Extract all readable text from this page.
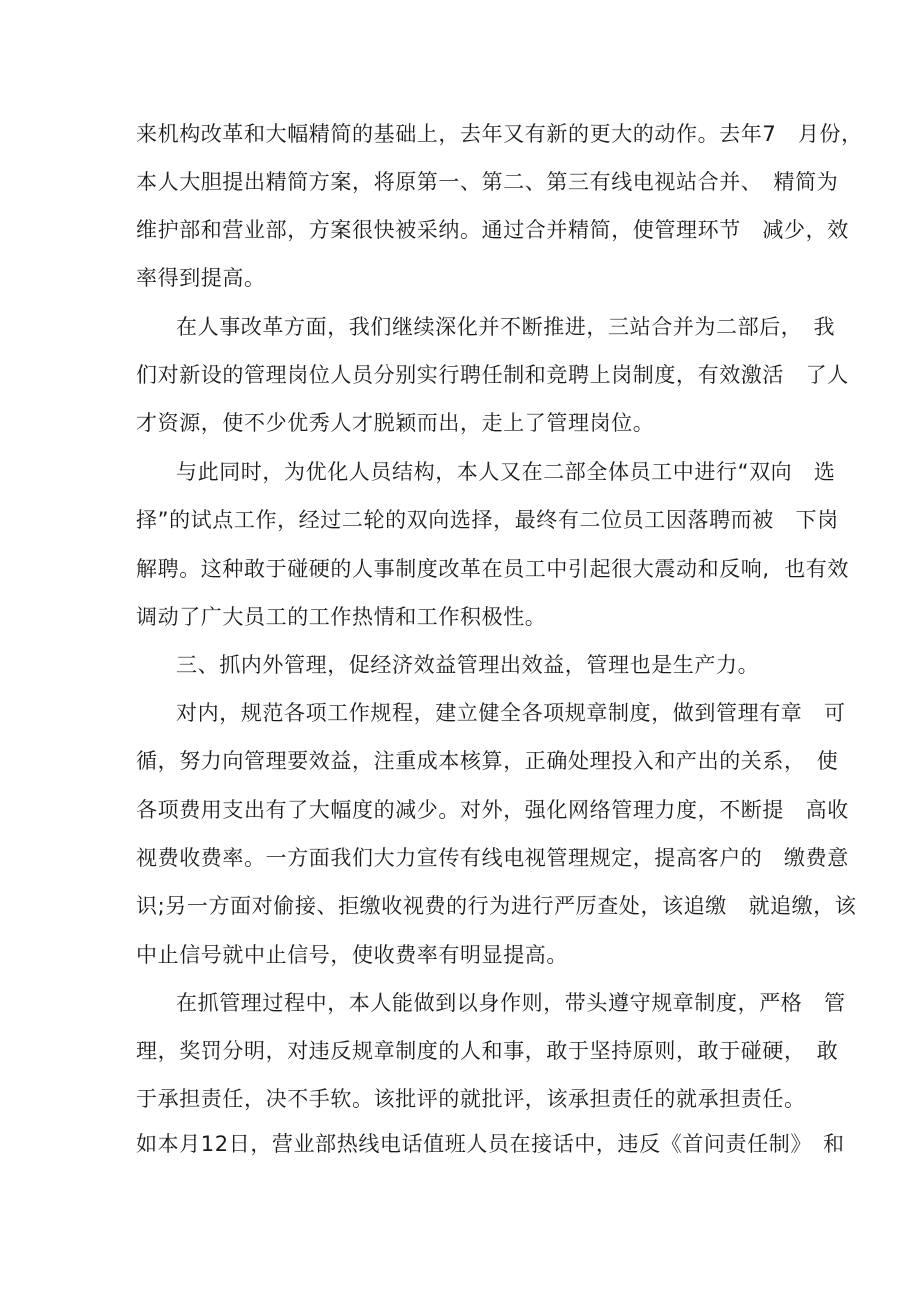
来机构改革和大幅精简的基础上，去年又有新的更大的动作。去年7　月份，
本人大胆提出精简方案，将原第一、第二、第三有线电视站合并、　精简为
维护部和营业部，方案很快被采纳。通过合并精简，使管理环节　减少，效
率得到提高。
在人事改革方面，我们继续深化并不断推进，三站合并为二部后，　我
们对新设的管理岗位人员分别实行聘任制和竞聘上岗制度，有效激活　了人
才资源，使不少优秀人才脱颖而出，走上了管理岗位。
与此同时，为优化人员结构，本人又在二部全体员工中进行“双向　选
择”的试点工作，经过二轮的双向选择，最终有二位员工因落聘而被　下岗
解聘。这种敢于碰硬的人事制度改革在员工中引起很大震动和反响,  也有效
调动了广大员工的工作热情和工作积极性。
三、抓内外管理，促经济效益管理出效益，管理也是生产力。
对内，规范各项工作规程，建立健全各项规章制度，做到管理有章　可
循，努力向管理要效益，注重成本核算，正确处理投入和产出的关系，　使
各项费用支出有了大幅度的减少。对外，强化网络管理力度，不断提　高收
视费收费率。一方面我们大力宣传有线电视管理规定，提高客户的　缴费意
识;另一方面对偷接、拒缴收视费的行为进行严厉查处，该追缴　就追缴，该
中止信号就中止信号，使收费率有明显提高。
在抓管理过程中，本人能做到以身作则，带头遵守规章制度，严格　管
理，奖罚分明，对违反规章制度的人和事，敢于坚持原则，敢于碰硬，　敢
于承担责任，决不手软。该批评的就批评，该承担责任的就承担责任。
如本月12日，营业部热线电话值班人员在接话中，违反《首问责任制》　和
